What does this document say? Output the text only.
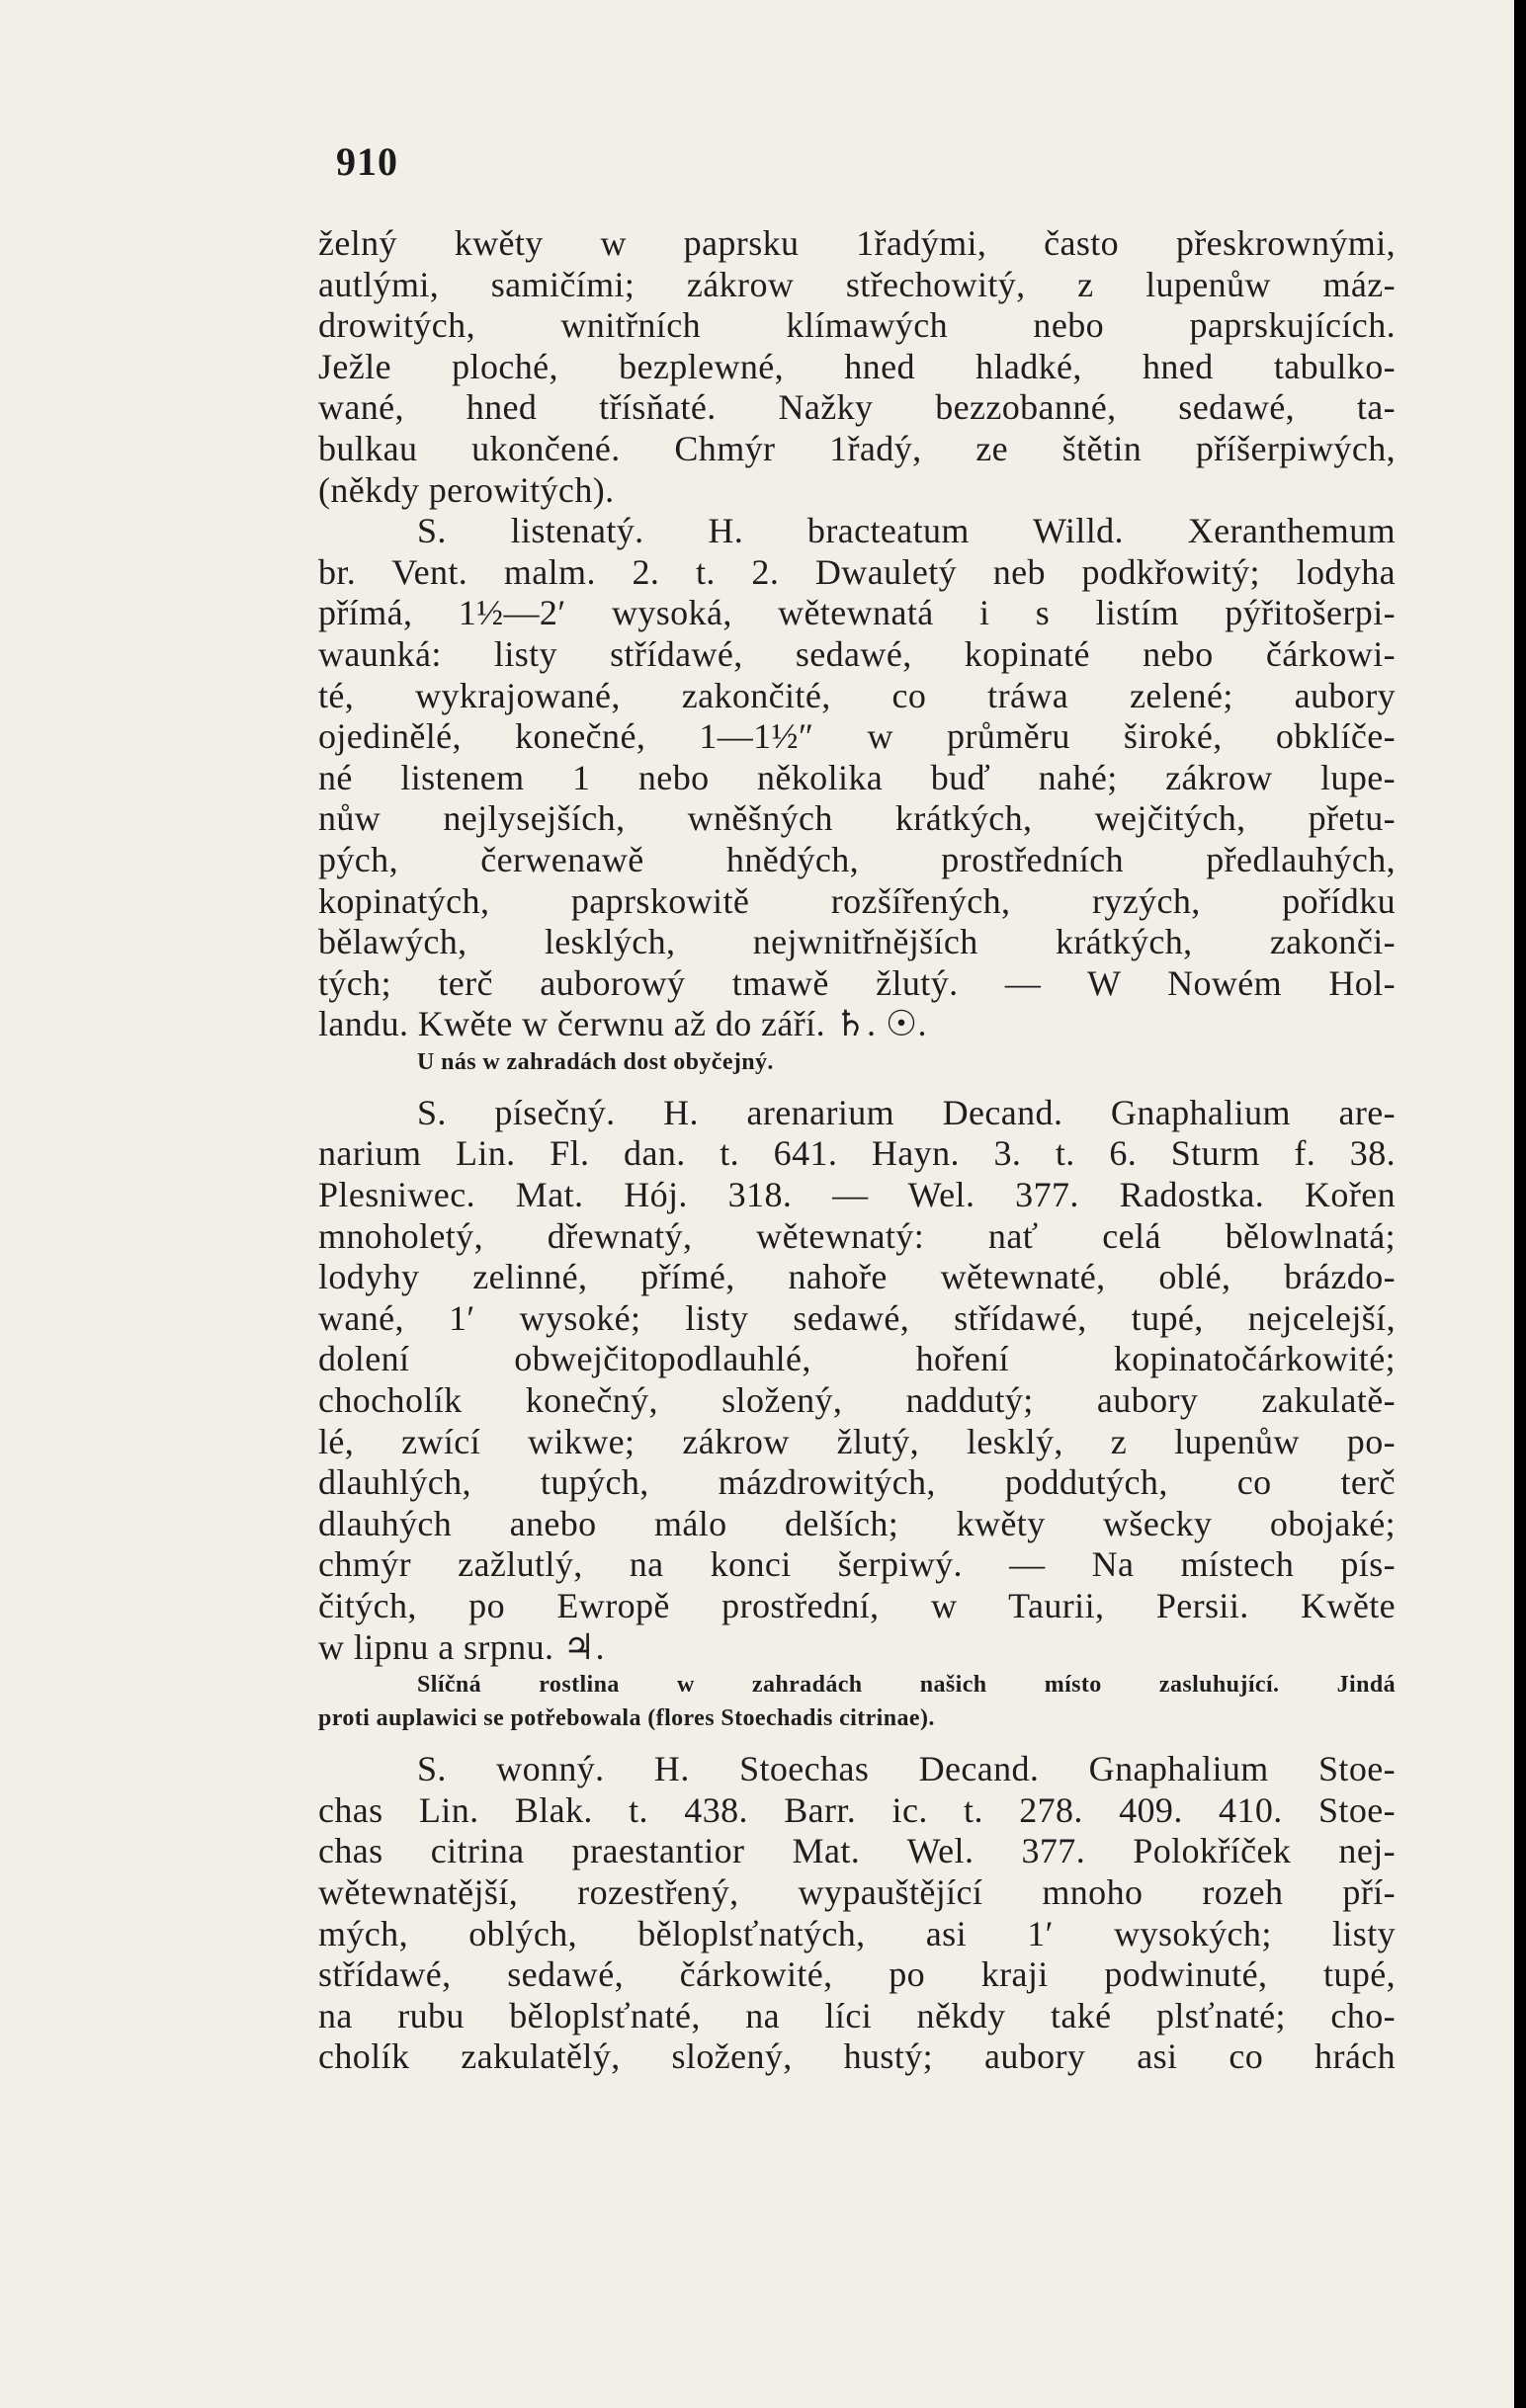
910
želný kwěty w paprsku 1řadými, často přeskrownými,
autlými, samičími; zákrow střechowitý, z lupenůw máz-
drowitých, wnitřních klímawých nebo paprskujících.
Ježle ploché, bezplewné, hned hladké, hned tabulko-
wané, hned třísňaté. Nažky bezzobanné, sedawé, ta-
bulkau ukončené. Chmýr 1řadý, ze štětin příšerpiwých,
(někdy perowitých).
S. listenatý. H. bracteatum Willd. Xeranthemum
br. Vent. malm. 2. t. 2. Dwauletý neb podkřowitý; lodyha
přímá, 1½—2′ wysoká, wětewnatá i s listím pýřitošerpi-
waunká: listy střídawé, sedawé, kopinaté nebo čárkowi-
té, wykrajowané, zakončité, co tráwa zelené; aubory
ojedinělé, konečné, 1—1½″ w průměru široké, obklíče-
né listenem 1 nebo několika buď nahé; zákrow lupe-
nůw nejlysejších, wněšných krátkých, wejčitých, přetu-
pých, čerwenawě hnědých, prostředních předlauhých,
kopinatých, paprskowitě rozšířených, ryzých, pořídku
bělawých, lesklých, nejwnitřnějších krátkých, zakonči-
tých; terč auborowý tmawě žlutý. — W Nowém Hol-
landu. Kwěte w čerwnu až do září. ♄. ☉.
U nás w zahradách dost obyčejný.
S. písečný. H. arenarium Decand. Gnaphalium are-
narium Lin. Fl. dan. t. 641. Hayn. 3. t. 6. Sturm f. 38.
Plesniwec. Mat. Hój. 318. — Wel. 377. Radostka. Kořen
mnoholetý, dřewnatý, wětewnatý: nať celá bělowlnatá;
lodyhy zelinné, přímé, nahoře wětewnaté, oblé, brázdo-
wané, 1′ wysoké; listy sedawé, střídawé, tupé, nejcelejší,
dolení obwejčitopodlauhlé, hoření kopinatočárkowité;
chocholík konečný, složený, naddutý; aubory zakulatě-
lé, zwící wikwe; zákrow žlutý, lesklý, z lupenůw po-
dlauhlých, tupých, mázdrowitých, poddutých, co terč
dlauhých anebo málo delších; kwěty wšecky obojaké;
chmýr zažlutlý, na konci šerpiwý. — Na místech pís-
čitých, po Ewropě prostřední, w Taurii, Persii. Kwěte
w lipnu a srpnu. ♃.
Slíčná rostlina w zahradách našich místo zasluhující. Jindá
proti auplawici se potřebowala (flores Stoechadis citrinae).
S. wonný. H. Stoechas Decand. Gnaphalium Stoe-
chas Lin. Blak. t. 438. Barr. ic. t. 278. 409. 410. Stoe-
chas citrina praestantior Mat. Wel. 377. Polokříček nej-
wětewnatější, rozestřený, wypauštějící mnoho rozeh pří-
mých, oblých, běloplsťnatých, asi 1′ wysokých; listy
střídawé, sedawé, čárkowité, po kraji podwinuté, tupé,
na rubu běloplsťnaté, na líci někdy také plsťnaté; cho-
cholík zakulatělý, složený, hustý; aubory asi co hrách
